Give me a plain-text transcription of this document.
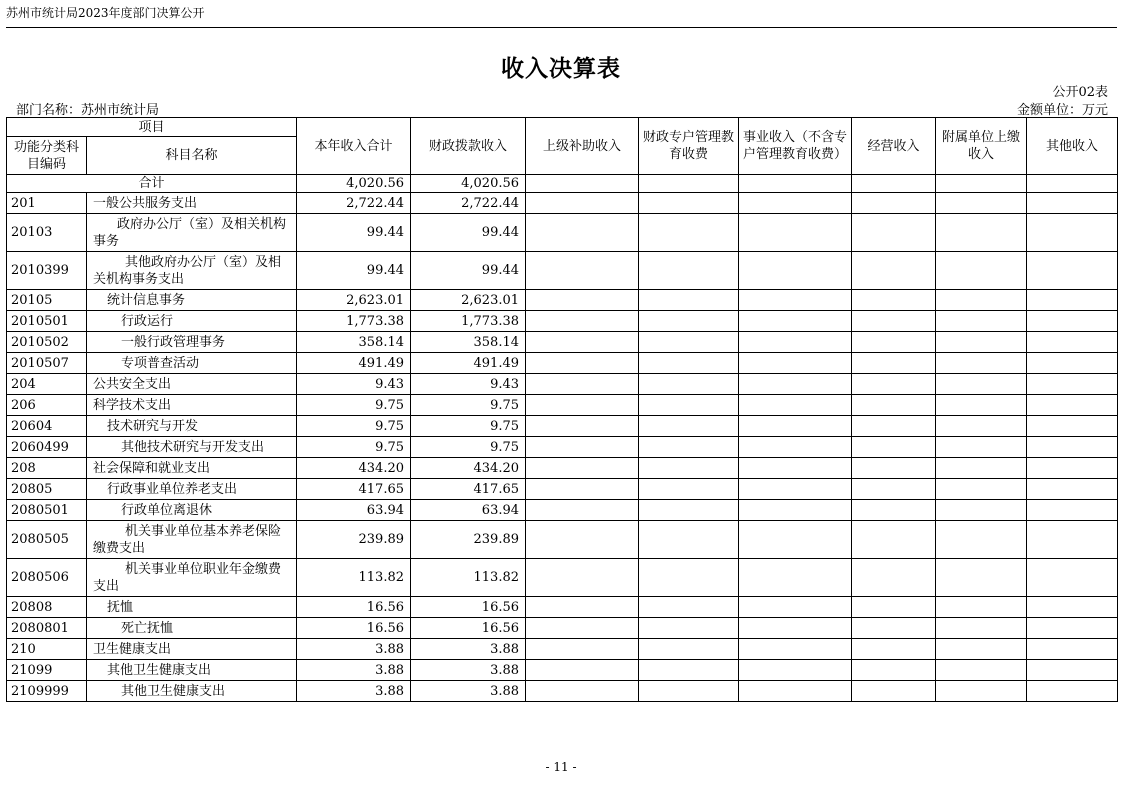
苏州市统计局2023年度部门决算公开
收入决算表
公开02表
部门名称：苏州市统计局	金额单位：万元
项目		本年收入合计	财政拨款收入	上级补助收入	财政专户管理教育收费	事业收入（不含专户管理教育收费）	经营收入	附属单位上缴收入	其他收入
功能分类科目编码	科目名称								
合计		4,020.56	4,020.56						
201	一般公共服务支出	2,722.44	2,722.44						
20103	政府办公厅（室）及相关机构事务	99.44	99.44						
2010399	其他政府办公厅（室）及相关机构事务支出	99.44	99.44						
20105	统计信息事务	2,623.01	2,623.01						
2010501	行政运行	1,773.38	1,773.38						
2010502	一般行政管理事务	358.14	358.14						
2010507	专项普查活动	491.49	491.49						
204	公共安全支出	9.43	9.43						
206	科学技术支出	9.75	9.75						
20604	技术研究与开发	9.75	9.75						
2060499	其他技术研究与开发支出	9.75	9.75						
208	社会保障和就业支出	434.20	434.20						
20805	行政事业单位养老支出	417.65	417.65						
2080501	行政单位离退休	63.94	63.94						
2080505	机关事业单位基本养老保险缴费支出	239.89	239.89						
2080506	机关事业单位职业年金缴费支出	113.82	113.82						
20808	抚恤	16.56	16.56						
2080801	死亡抚恤	16.56	16.56						
210	卫生健康支出	3.88	3.88						
21099	其他卫生健康支出	3.88	3.88						
2109999	其他卫生健康支出	3.88	3.88						
- 11 -
